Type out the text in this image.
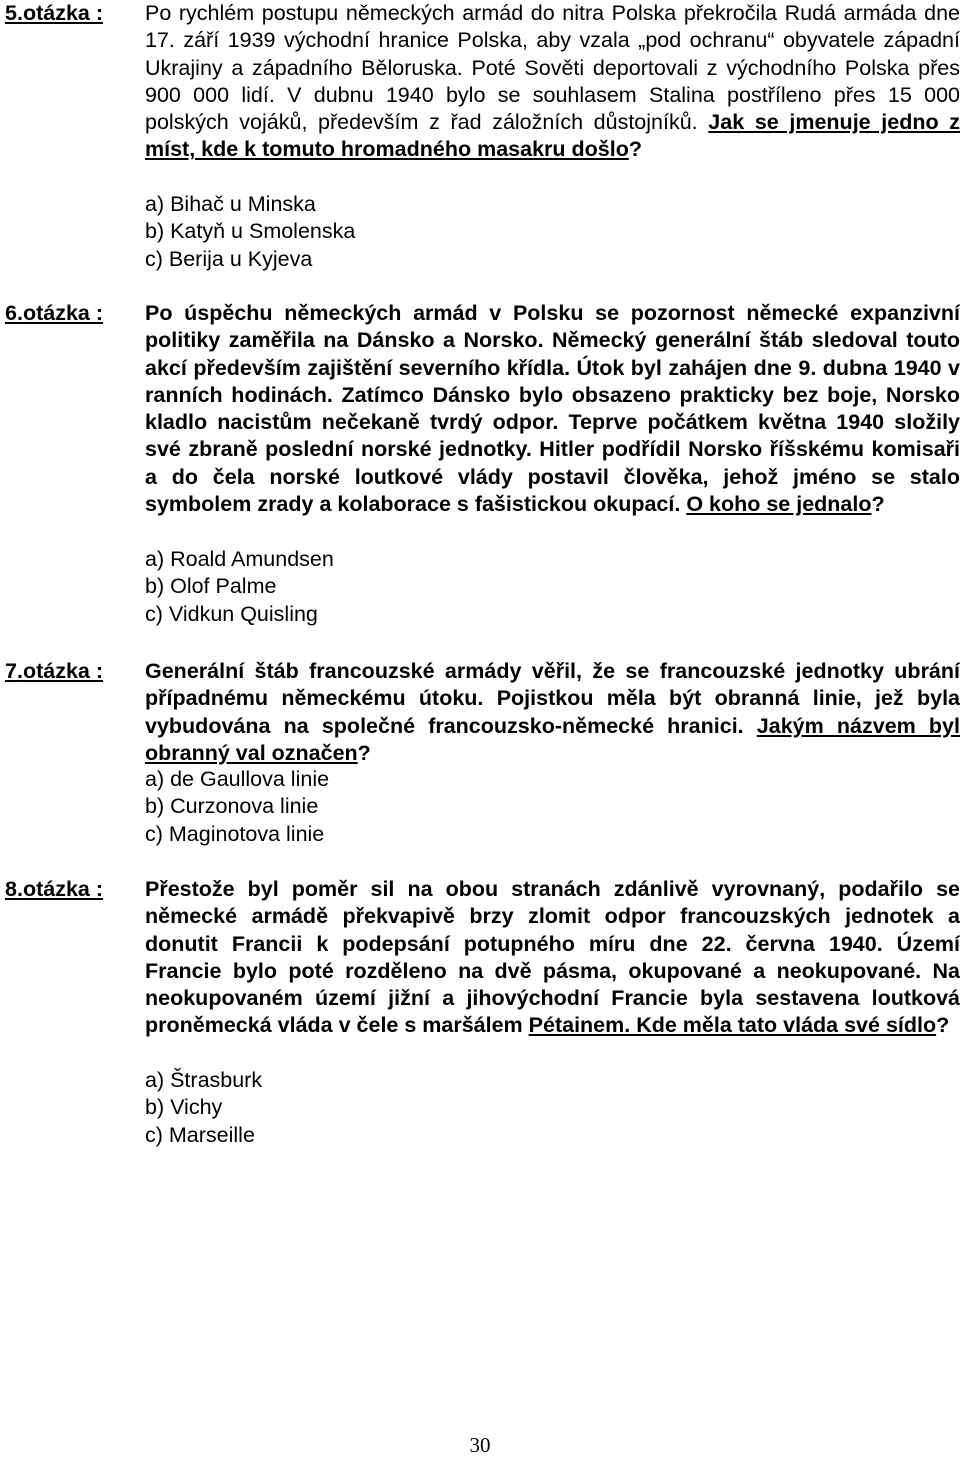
5.otázka : Po rychlém postupu německých armád do nitra Polska překročila Rudá armáda dne 17. září 1939 východní hranice Polska, aby vzala „pod ochranu“ obyvatele západní Ukrajiny a západního Běloruska. Poté Sověti deportovali z východního Polska přes 900 000 lidí. V dubnu 1940 bylo se souhlasem Stalina postříleno přes 15 000 polských vojáků, především z řad záložních důstojníků. Jak se jmenuje jedno z míst, kde k tomuto hromadného masakru došlo?
a) Bihač u Minska
b) Katyň u Smolenska
c) Berija u Kyjeva
6.otázka : Po úspěchu německých armád v Polsku se pozornost německé expanzivní politiky zaměřila na Dánsko a Norsko. Německý generální štáb sledoval touto akcí především zajištění severního křídla. Útok byl zahájen dne 9. dubna 1940 v ranních hodinách. Zatímco Dánsko bylo obsazeno prakticky bez boje, Norsko kladlo nacistům nečekaně tvrdý odpor. Teprve počátkem května 1940 složily své zbraně poslední norské jednotky. Hitler podřídil Norsko říšskému komisaři a do čela norské loutkové vlády postavil člověka, jehož jméno se stalo symbolem zrady a kolaborace s fašistickou okupací. O koho se jednalo?
a) Roald Amundsen
b) Olof Palme
c) Vidkun Quisling
7.otázka : Generální štáb francouzské armády věřil, že se francouzské jednotky ubrání případnému německému útoku. Pojistkou měla být obranná linie, jež byla vybudována na společné francouzsko-německé hranici. Jakým názvem byl obranný val označen?
a) de Gaullova linie
b) Curzonova linie
c) Maginotova linie
8.otázka : Přestože byl poměr sil na obou stranách zdánlivě vyrovnaný, podařilo se německé armádě překvapivě brzy zlomit odpor francouzských jednotek a donutit Francii k podepsání potupného míru dne 22. června 1940. Území Francie bylo poté rozděleno na dvě pásma, okupované a neokupované. Na neokupovaném území jižní a jihovýchodní Francie byla sestavena loutková proněmecká vláda v čele s maršálem Pétainem. Kde měla tato vláda své sídlo?
a) Štrasburk
b) Vichy
c) Marseille
30
